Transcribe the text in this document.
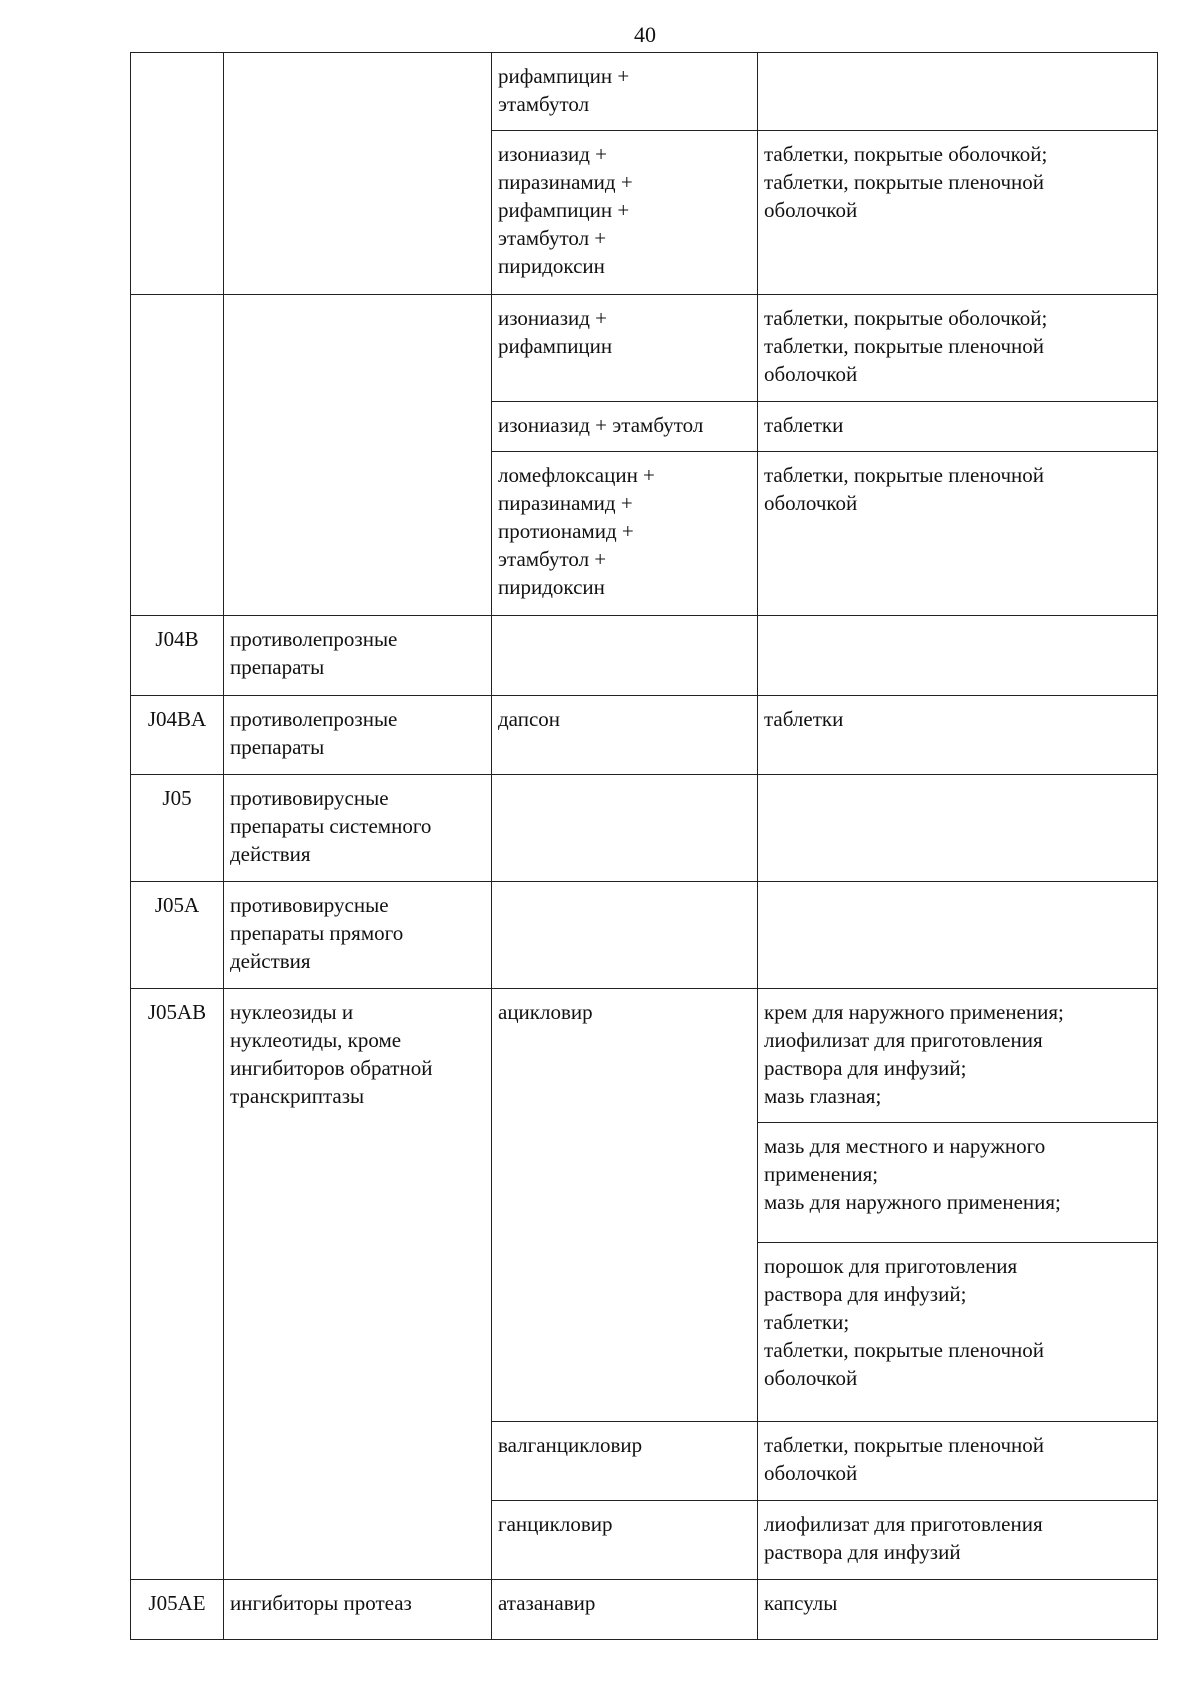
40

		рифампицин +
этамбутол	

		изониазид +
пиразинамид +
рифампицин +
этамбутол +
пиридоксин	таблетки, покрытые оболочкой;
таблетки, покрытые пленочной
оболочкой

		изониазид +
рифампицин	таблетки, покрытые оболочкой;
таблетки, покрытые пленочной
оболочкой

		изониазид + этамбутол	таблетки

		ломефлоксацин +
пиразинамид +
протионамид +
этамбутол +
пиридоксин	таблетки, покрытые пленочной
оболочкой

J04B	противолепрозные
препараты		

J04BA	противолепрозные
препараты	дапсон	таблетки

J05	противовирусные
препараты системного
действия		

J05A	противовирусные
препараты прямого
действия		

J05AB	нуклеозиды и
нуклеотиды, кроме
ингибиторов обратной
транскриптазы	ацикловир	крем для наружного применения;
лиофилизат для приготовления
раствора для инфузий;
мазь глазная;

			мазь для местного и наружного
применения;
мазь для наружного применения;

			порошок для приготовления
раствора для инфузий;
таблетки;
таблетки, покрытые пленочной
оболочкой

		валганцикловир	таблетки, покрытые пленочной
оболочкой

		ганцикловир	лиофилизат для приготовления
раствора для инфузий

J05AE	ингибиторы протеаз	атазанавир	капсулы
